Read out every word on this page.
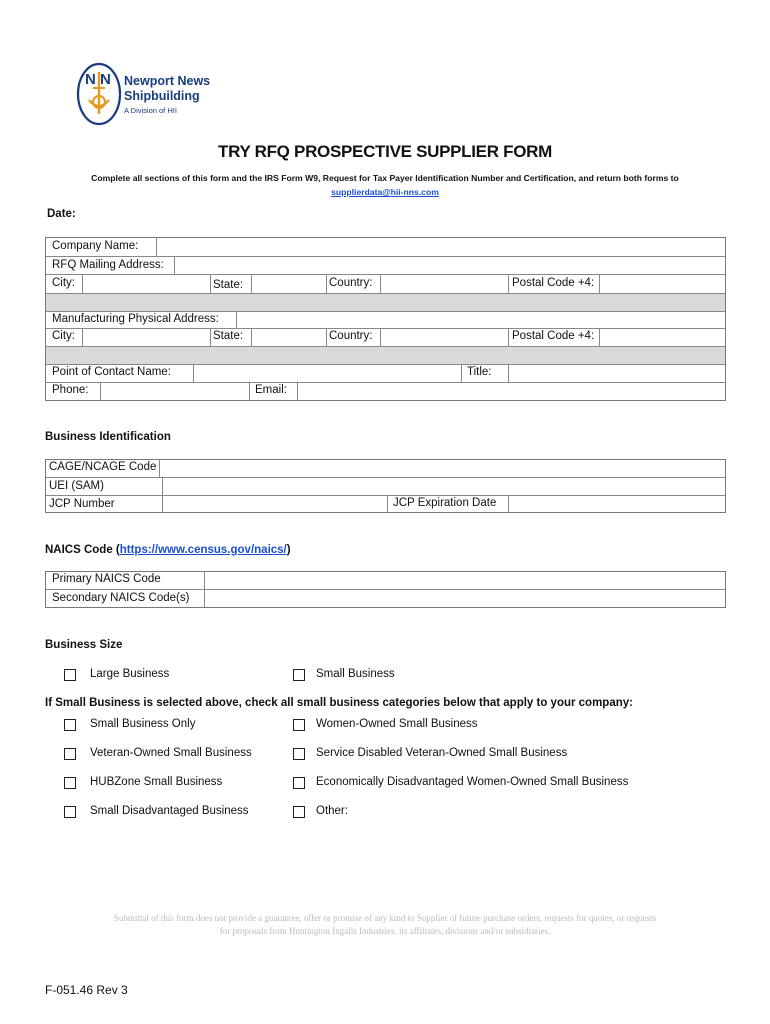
N N Newport News
Shipbuilding
A Division of HII
TRY RFQ PROSPECTIVE SUPPLIER FORM
Complete all sections of this form and the IRS Form W9, Request for Tax Payer Identification Number and Certification, and return both forms to
supplierdata@hii-nns.com
Date:
Company Name:
RFQ Mailing Address:
City:	State:	Country:	Postal Code +4:
Manufacturing Physical Address:
City:	State:	Country:	Postal Code +4:
Point of Contact Name:	Title:
Phone:	Email:
Business Identification
CAGE/NCAGE Code
UEI (SAM)
JCP Number	JCP Expiration Date
NAICS Code (https://www.census.gov/naics/)
Primary NAICS Code
Secondary NAICS Code(s)
Business Size
Large Business	Small Business
If Small Business is selected above, check all small business categories below that apply to your company:
Small Business Only	Women-Owned Small Business
Veteran-Owned Small Business	Service Disabled Veteran-Owned Small Business
HUBZone Small Business	Economically Disadvantaged Women-Owned Small Business
Small Disadvantaged Business	Other:
Submittal of this form does not provide a guarantee, offer or promise of any kind to Supplier of future purchase orders, requests for quotes, or requests
for proposals from Huntington Ingalls Industries, its affiliates, divisions and/or subsidiaries.
F-051.46 Rev 3
